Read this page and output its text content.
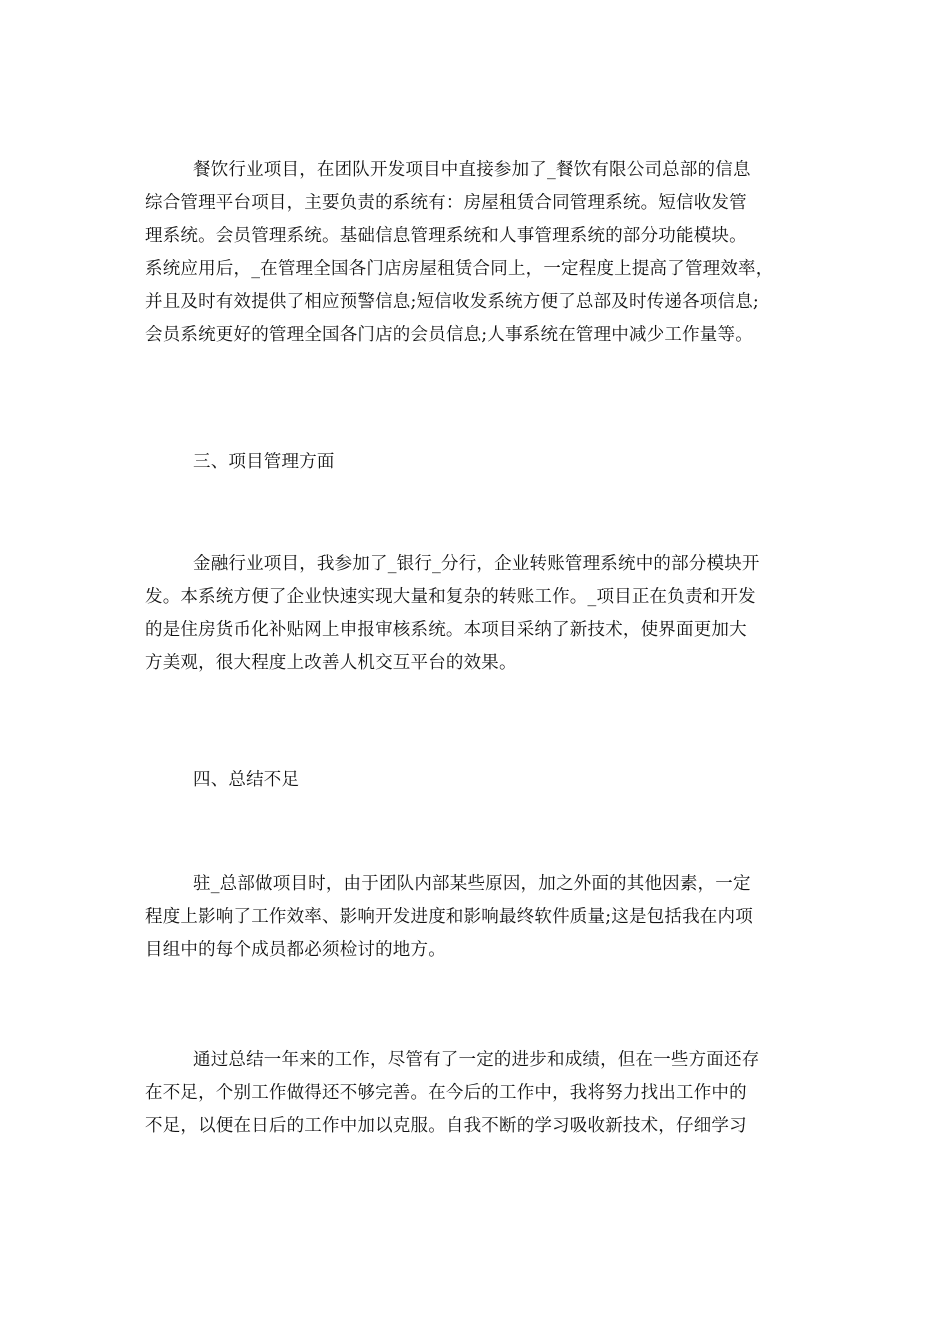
餐饮行业项目，在团队开发项目中直接参加了_餐饮有限公司总部的信息
综合管理平台项目，主要负责的系统有：房屋租赁合同管理系统。短信收发管
理系统。会员管理系统。基础信息管理系统和人事管理系统的部分功能模块。
系统应用后，_在管理全国各门店房屋租赁合同上，一定程度上提高了管理效率，
并且及时有效提供了相应预警信息;短信收发系统方便了总部及时传递各项信息;
会员系统更好的管理全国各门店的会员信息;人事系统在管理中减少工作量等。

三、项目管理方面

金融行业项目，我参加了_银行_分行，企业转账管理系统中的部分模块开
发。本系统方便了企业快速实现大量和复杂的转账工作。_项目正在负责和开发
的是住房货币化补贴网上申报审核系统。本项目采纳了新技术，使界面更加大
方美观，很大程度上改善人机交互平台的效果。

四、总结不足

驻_总部做项目时，由于团队内部某些原因，加之外面的其他因素，一定
程度上影响了工作效率、影响开发进度和影响最终软件质量;这是包括我在内项
目组中的每个成员都必须检讨的地方。

通过总结一年来的工作，尽管有了一定的进步和成绩，但在一些方面还存
在不足，个别工作做得还不够完善。在今后的工作中，我将努力找出工作中的
不足，以便在日后的工作中加以克服。自我不断的学习吸收新技术，仔细学习
